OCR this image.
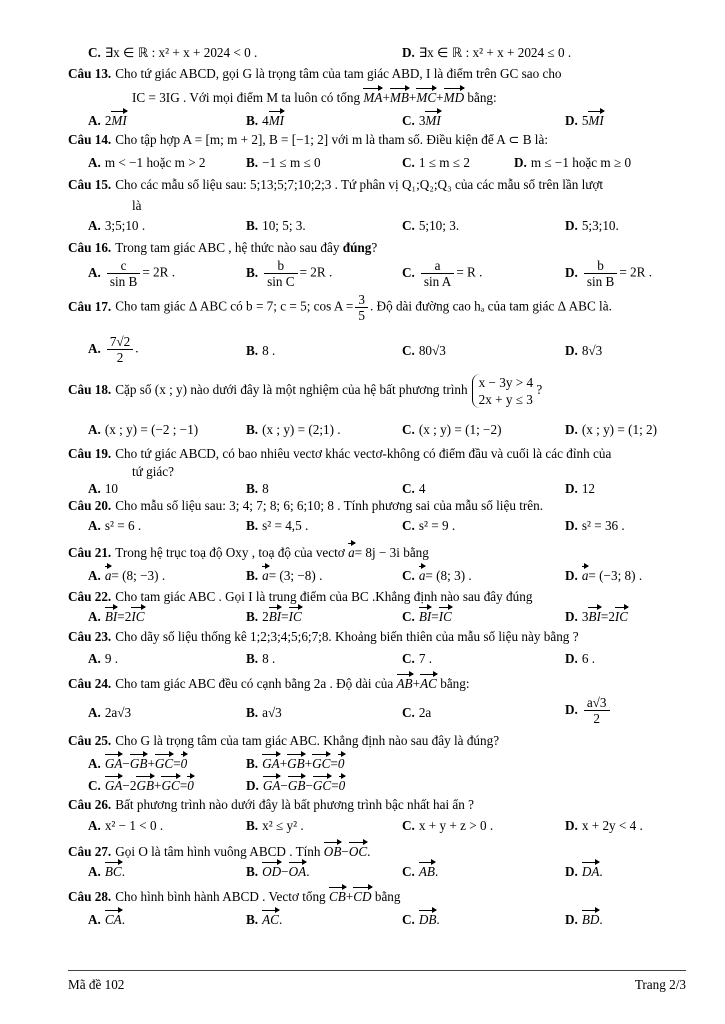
C. ∃x ∈ ℝ : x² + x + 2024 < 0 .	D. ∃x ∈ ℝ : x² + x + 2024 ≤ 0 .
Câu 13. Cho tứ giác ABCD, gọi G là trọng tâm của tam giác ABD, I là điểm trên GC sao cho
IC = 3IG . Với mọi điểm M ta luôn có tổng MA+MB+MC+MD bằng:
A. 2MI	B. 4MI	C. 3MI	D. 5MI
Câu 14. Cho tập hợp A = [m; m + 2], B = [−1; 2] với m là tham số. Điều kiện để A ⊂ B là:
A. m < −1 hoặc m > 2	B. −1 ≤ m ≤ 0	C. 1 ≤ m ≤ 2	D. m ≤ −1 hoặc m ≥ 0
Câu 15. Cho các mẫu số liệu sau: 5;13;5;7;10;2;3 . Tứ phân vị Q₁;Q₂;Q₃ của các mẫu số trên lần lượt
là
A. 3;5;10 .	B. 10; 5; 3.	C. 5;10; 3.	D. 5;3;10.
Câu 16. Trong tam giác ABC , hệ thức nào sau đây đúng?
A. $\frac{c}{\text{sin B}} = 2R$ .	B. $\frac{b}{\text{sin C}} = 2R$ .	C. $\frac{a}{\text{sin A}} = R$ .	D. $\frac{b}{\text{sin B}} = 2R$ .
Câu 17. Cho tam giác Δ ABC có b = 7; c = 5; $\cos A = \frac{3}{5}$ . Độ dài đường cao hₐ của tam giác Δ ABC là.
A. $\frac{7√2}{2}$ .	B. 8 .	C. 80√3	D. 8√3
Câu 18. Cặp số (x ; y) nào dưới đây là một nghiệm của hệ bất phương trình x − 3y > 4
2x + y ≤ 3
?
A. (x ; y) = (−2 ; −1)	B. (x ; y) = (2;1) .	C. (x ; y) = (1; −2)	D. (x ; y) = (1; 2)
Câu 19. Cho tứ giác ABCD, có bao nhiêu vectơ khác vectơ-không có điểm đầu và cuối là các đỉnh của
tứ giác?
A. 10	B. 8	C. 4	D. 12
Câu 20. Cho mẫu số liệu sau: 3; 4; 7; 8; 6; 6;10; 8 . Tính phương sai của mẫu số liệu trên.
A. s² = 6 .	B. s² = 4,5 .	C. s² = 9 .	D. s² = 36 .
Câu 21. Trong hệ trục toạ độ Oxy , toạ độ của vectơ a= 8j − 3i bằng
A. a= (8; −3) .	B. a= (3; −8) .	C. a= (8; 3) .	D. a= (−3; 8) .
Câu 22. Cho tam giác ABC . Gọi I là trung điểm của BC .Khẳng định nào sau đây đúng
A. BI=2IC	B. 2BI=IC	C. BI=IC	D. 3BI=2IC
Câu 23. Cho dãy số liệu thống kê 1;2;3;4;5;6;7;8. Khoảng biến thiên của mẫu số liệu này bằng ?
A. 9 .	B. 8 .	C. 7 .	D. 6 .
Câu 24. Cho tam giác ABC đều có cạnh bằng 2a . Độ dài của AB+AC bằng:
A. 2a√3	B. a√3	C. 2a	D. $\frac{a√3}{2}$
Câu 25. Cho G là trọng tâm của tam giác ABC. Khẳng định nào sau đây là đúng?
A. GA−GB+GC=0	B. GA+GB+GC=0
C. GA−2GB+GC=0	D. GA−GB−GC=0
Câu 26. Bất phương trình nào dưới đây là bất phương trình bậc nhất hai ẩn ?
A. x² − 1 < 0 .	B. x² ≤ y² .	C. x + y + z > 0 .	D. x + 2y < 4 .
Câu 27. Gọi O là tâm hình vuông ABCD . Tính OB−OC.
A. BC.	B. OD−OA.	C. AB.	D. DA.
Câu 28. Cho hình bình hành ABCD . Vectơ tổng CB+CD bằng
A. CA.	B. AC.	C. DB.	D. BD.
Mã đề 102	Trang 2/3
